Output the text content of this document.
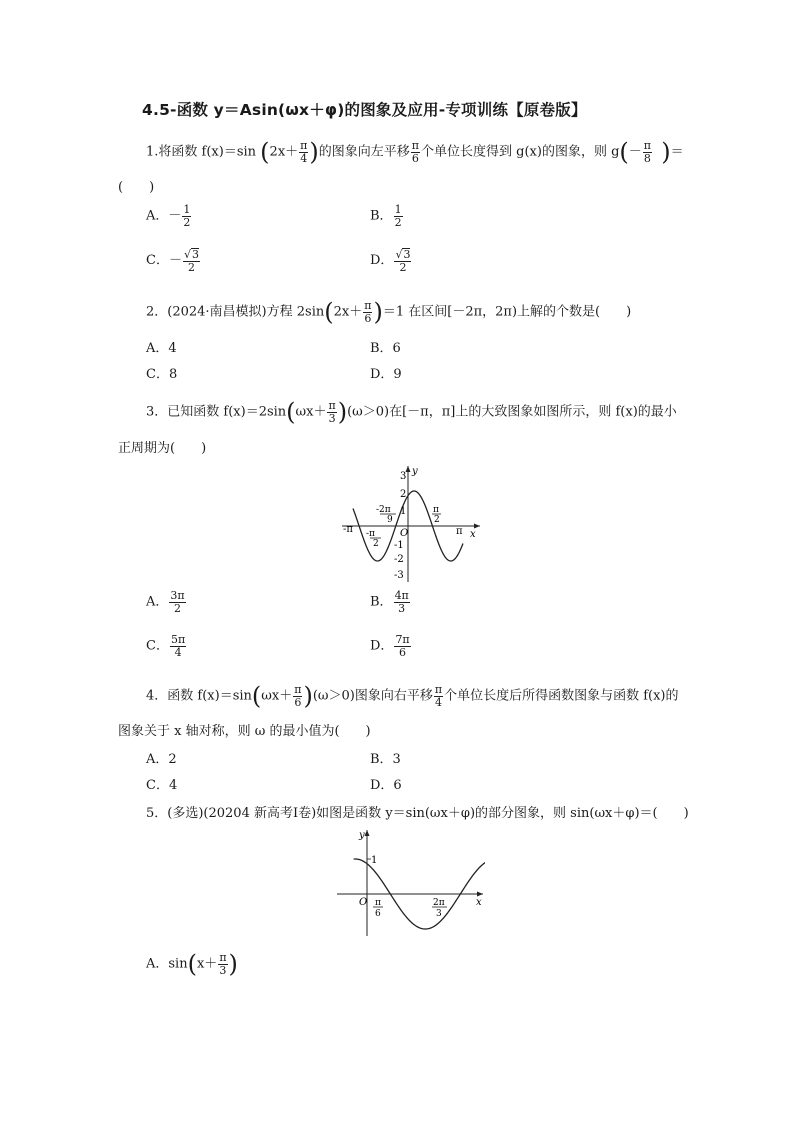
4.5-函数 y＝Asin(ωx＋φ)的图象及应用-专项训练【原卷版】
1.将函数 f(x)＝sin ($2x+ \frac{\pi}{4}$ )的图象向左平移 $\frac{\pi}{6}$ 个单位长度得到 g(x)的图象，则 $g(- \frac{\pi}{8}$ )＝
(　　)
A．－ $\frac{1}{2}$	B． $\frac{1}{2}$
C．－ $\frac{√3}{2}$	D． $\frac{√3}{2}$
2．(2024·南昌模拟)方程 $2\sin(2x+ \frac{\pi}{6} )=1$ 在区间[－2π，2π)上解的个数是(　　)
A．4	B．6
C．8	D．9
3．已知函数 $f(x)=2\sin(\omega x+ \frac{\pi}{3} )(\omega>0)$在[－π，π]上的大致图象如图所示，则 f(x)的最小
正周期为(　　)
y
x
3
2
1
-1
-2
-3
O
-π	π
-π
2
-2π
9
π
2
A． $\frac{3\pi}{2}$	B． $\frac{4\pi}{3}$
C． $\frac{5\pi}{4}$	D． $\frac{7\pi}{6}$
4．函数 $f(x)=\sin(\omega x+ \frac{\pi}{6} )(\omega>0)$图象向右平移 $\frac{\pi}{4}$ 个单位长度后所得函数图象与函数 f(x)的
图象关于 x 轴对称，则 ω 的最小值为(　　)
A．2	B．3
C．4	D．6
5．(多选)(20204 新高考Ⅰ卷)如图是函数 y＝sin(ωx＋φ)的部分图象，则 sin(ωx＋φ)＝(　　)
y
x
O
1
π
6
2π
3
A．$\sin(x+ \frac{\pi}{3}$ )
